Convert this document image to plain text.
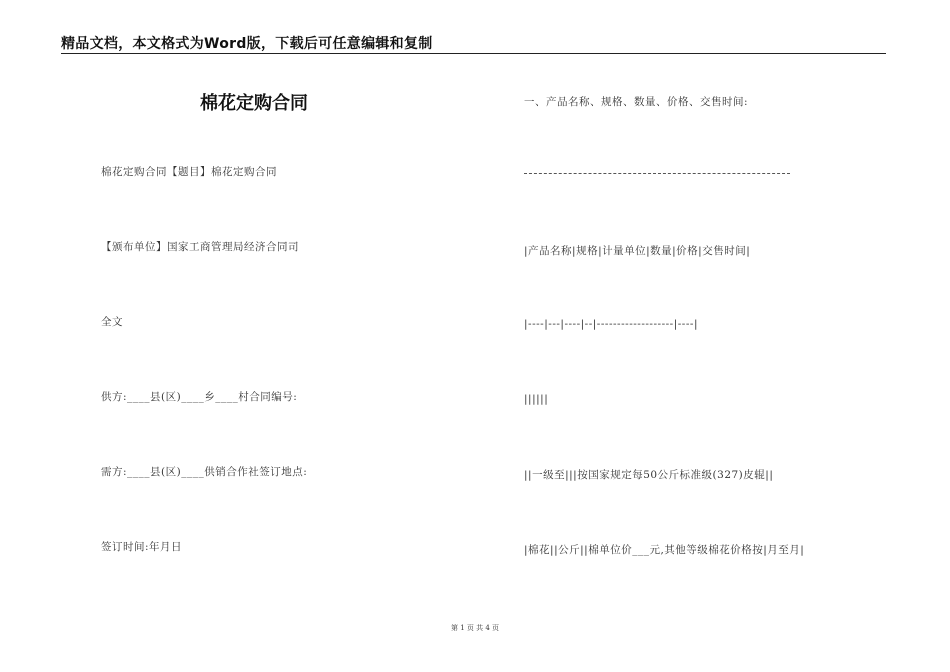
精品文档，本文格式为Word版，下载后可任意编辑和复制
棉花定购合同
棉花定购合同【题目】棉花定购合同
【颁布单位】国家工商管理局经济合同司
全文
供方:____县(区)____乡____村合同编号:
需方:____县(区)____供销合作社签订地点:
签订时间:年月日
一、产品名称、规格、数量、价格、交售时间:
|产品名称|规格|计量单位|数量|价格|交售时间|
|----|---|----|--|-------------------|----|
||||||
||一级至|||按国家规定每50公斤标准级(327)皮辊||
|棉花||公斤||棉单位价___元,其他等级棉花价格按|月至月|
第 1 页 共 4 页
